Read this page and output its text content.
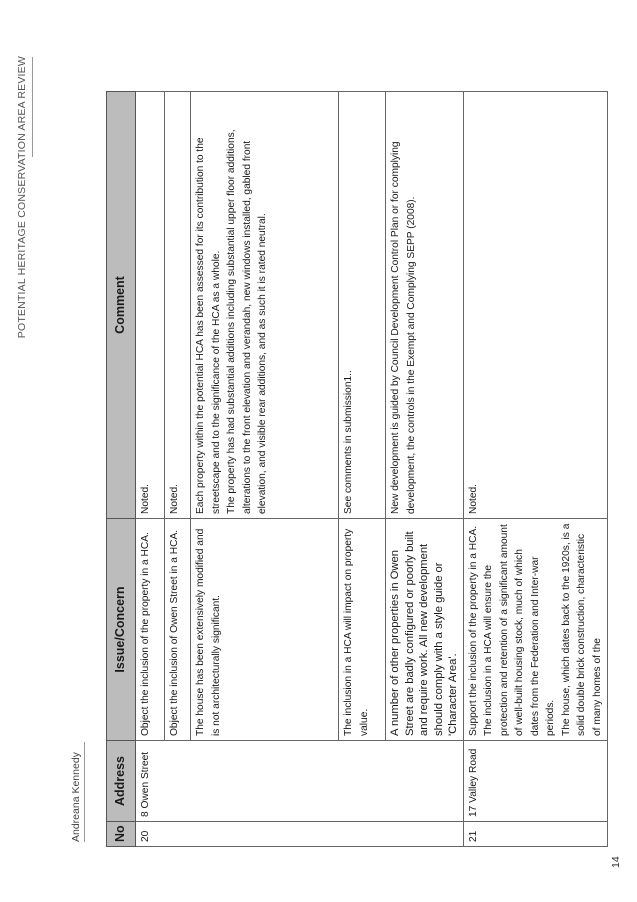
POTENTIAL HERITAGE CONSERVATION AREA REVIEW
Andreana Kennedy	No	Address	Issue/Concern	Comment
20	8 Owen Street	Object the inclusion of the property in a HCA.	Noted.

		Object the inclusion of Owen Street in a HCA.	Noted.

		The house has been extensively modified and is not architecturally significant.	Each property within the potential HCA has been assessed for its contribution to the streetscape and to the significance of the HCA as a whole. The property has had substantial additions including substantial upper floor additions, alterations to the front elevation and verandah, new windows installed, gabled front elevation, and visible rear additions, and as such it is rated neutral.

		The inclusion in a HCA will impact on property value.	See comments in submission1..

		A number of other properties in Owen Street are badly configured or poorly built and require work. All new development should comply with a style guide or 'Character Area'.	New development is guided by Council Development Control Plan or for complying development, the controls in the Exempt and Complying SEPP (2008).

21	17 Valley Road	Support the inclusion of the property in a HCA. The inclusion in a HCA will ensure the protection and retention of a significant amount of well-built housing stock, much of which dates from the Federation and Inter-war periods. The house, which dates back to the 1920s, is a solid double brick construction, characteristic of many homes of the	Noted.

14
